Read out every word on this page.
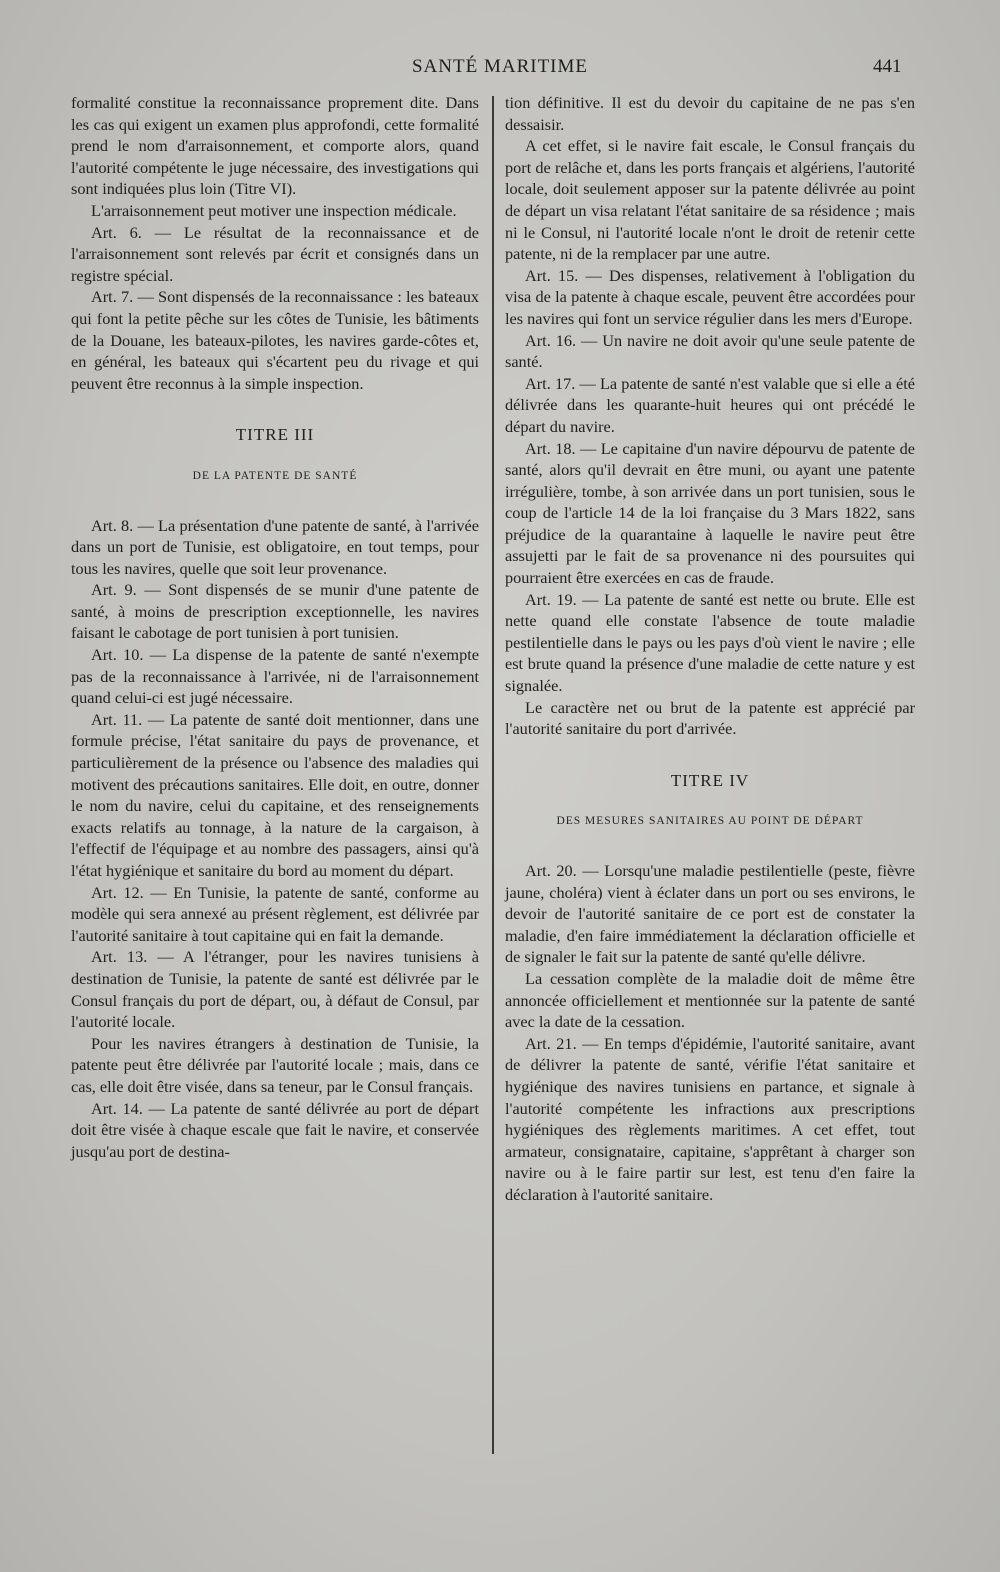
SANTÉ MARITIME	441

formalité constitue la reconnaissance proprement dite. Dans les cas qui exigent un examen plus approfondi, cette formalité prend le nom d'arraisonnement, et comporte alors, quand l'autorité compétente le juge nécessaire, des investigations qui sont indiquées plus loin (Titre VI).

L'arraisonnement peut motiver une inspection médicale.

Art. 6. — Le résultat de la reconnaissance et de l'arraisonnement sont relevés par écrit et consignés dans un registre spécial.

Art. 7. — Sont dispensés de la reconnaissance : les bateaux qui font la petite pêche sur les côtes de Tunisie, les bâtiments de la Douane, les bateaux-pilotes, les navires garde-côtes et, en général, les bateaux qui s'écartent peu du rivage et qui peuvent être reconnus à la simple inspection.

TITRE III
DE LA PATENTE DE SANTÉ

Art. 8. — La présentation d'une patente de santé, à l'arrivée dans un port de Tunisie, est obligatoire, en tout temps, pour tous les navires, quelle que soit leur provenance.

Art. 9. — Sont dispensés de se munir d'une patente de santé, à moins de prescription exceptionnelle, les navires faisant le cabotage de port tunisien à port tunisien.

Art. 10. — La dispense de la patente de santé n'exempte pas de la reconnaissance à l'arrivée, ni de l'arraisonnement quand celui-ci est jugé nécessaire.

Art. 11. — La patente de santé doit mentionner, dans une formule précise, l'état sanitaire du pays de provenance, et particulièrement de la présence ou l'absence des maladies qui motivent des précautions sanitaires. Elle doit, en outre, donner le nom du navire, celui du capitaine, et des renseignements exacts relatifs au tonnage, à la nature de la cargaison, à l'effectif de l'équipage et au nombre des passagers, ainsi qu'à l'état hygiénique et sanitaire du bord au moment du départ.

Art. 12. — En Tunisie, la patente de santé, conforme au modèle qui sera annexé au présent règlement, est délivrée par l'autorité sanitaire à tout capitaine qui en fait la demande.

Art. 13. — A l'étranger, pour les navires tunisiens à destination de Tunisie, la patente de santé est délivrée par le Consul français du port de départ, ou, à défaut de Consul, par l'autorité locale.

Pour les navires étrangers à destination de Tunisie, la patente peut être délivrée par l'autorité locale ; mais, dans ce cas, elle doit être visée, dans sa teneur, par le Consul français.

Art. 14. — La patente de santé délivrée au port de départ doit être visée à chaque escale que fait le navire, et conservée jusqu'au port de destina-

tion définitive. Il est du devoir du capitaine de ne pas s'en dessaisir.

A cet effet, si le navire fait escale, le Consul français du port de relâche et, dans les ports français et algériens, l'autorité locale, doit seulement apposer sur la patente délivrée au point de départ un visa relatant l'état sanitaire de sa résidence ; mais ni le Consul, ni l'autorité locale n'ont le droit de retenir cette patente, ni de la remplacer par une autre.

Art. 15. — Des dispenses, relativement à l'obligation du visa de la patente à chaque escale, peuvent être accordées pour les navires qui font un service régulier dans les mers d'Europe.

Art. 16. — Un navire ne doit avoir qu'une seule patente de santé.

Art. 17. — La patente de santé n'est valable que si elle a été délivrée dans les quarante-huit heures qui ont précédé le départ du navire.

Art. 18. — Le capitaine d'un navire dépourvu de patente de santé, alors qu'il devrait en être muni, ou ayant une patente irrégulière, tombe, à son arrivée dans un port tunisien, sous le coup de l'article 14 de la loi française du 3 Mars 1822, sans préjudice de la quarantaine à laquelle le navire peut être assujetti par le fait de sa provenance ni des poursuites qui pourraient être exercées en cas de fraude.

Art. 19. — La patente de santé est nette ou brute. Elle est nette quand elle constate l'absence de toute maladie pestilentielle dans le pays ou les pays d'où vient le navire ; elle est brute quand la présence d'une maladie de cette nature y est signalée.

Le caractère net ou brut de la patente est apprécié par l'autorité sanitaire du port d'arrivée.

TITRE IV
DES MESURES SANITAIRES AU POINT DE DÉPART

Art. 20. — Lorsqu'une maladie pestilentielle (peste, fièvre jaune, choléra) vient à éclater dans un port ou ses environs, le devoir de l'autorité sanitaire de ce port est de constater la maladie, d'en faire immédiatement la déclaration officielle et de signaler le fait sur la patente de santé qu'elle délivre.

La cessation complète de la maladie doit de même être annoncée officiellement et mentionnée sur la patente de santé avec la date de la cessation.

Art. 21. — En temps d'épidémie, l'autorité sanitaire, avant de délivrer la patente de santé, vérifie l'état sanitaire et hygiénique des navires tunisiens en partance, et signale à l'autorité compétente les infractions aux prescriptions hygiéniques des règlements maritimes. A cet effet, tout armateur, consignataire, capitaine, s'apprêtant à charger son navire ou à le faire partir sur lest, est tenu d'en faire la déclaration à l'autorité sanitaire.
